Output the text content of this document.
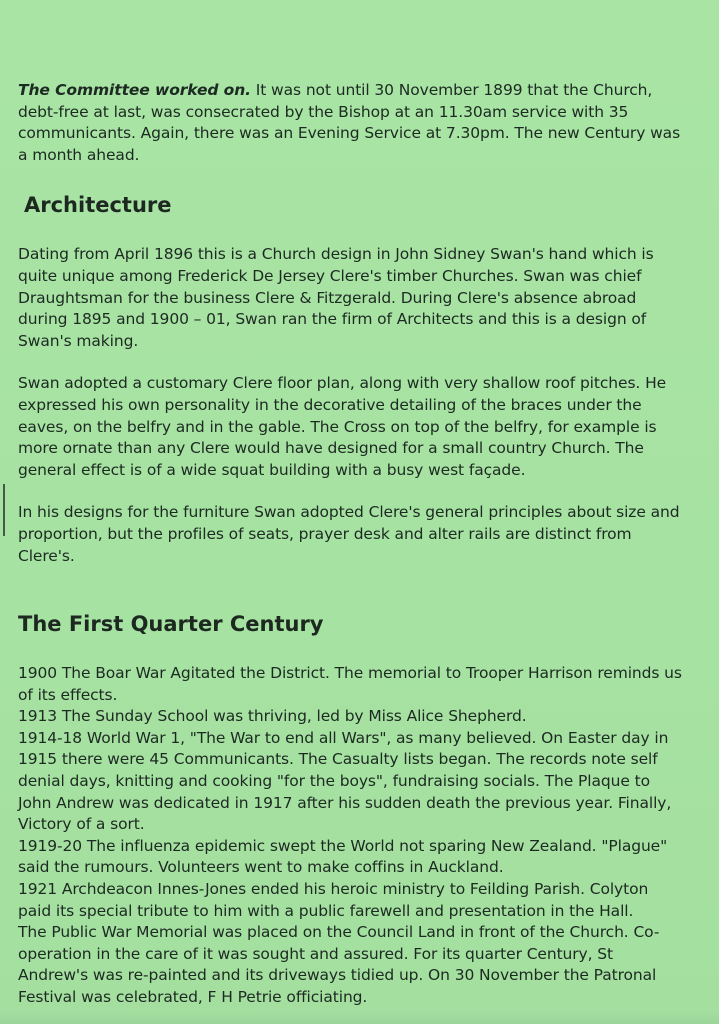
The Committee worked on. It was not until 30 November 1899 that the Church, debt-free at last, was consecrated by the Bishop at an 11.30am service with 35 communicants. Again, there was an Evening Service at 7.30pm. The new Century was a month ahead.

Architecture

Dating from April 1896 this is a Church design in John Sidney Swan's hand which is quite unique among Frederick De Jersey Clere's timber Churches. Swan was chief Draughtsman for the business Clere & Fitzgerald. During Clere's absence abroad during 1895 and 1900 – 01, Swan ran the firm of Architects and this is a design of Swan's making.

Swan adopted a customary Clere floor plan, along with very shallow roof pitches. He expressed his own personality in the decorative detailing of the braces under the eaves, on the belfry and in the gable. The Cross on top of the belfry, for example is more ornate than any Clere would have designed for a small country Church. The general effect is of a wide squat building with a busy west façade.

In his designs for the furniture Swan adopted Clere's general principles about size and proportion, but the profiles of seats, prayer desk and alter rails are distinct from Clere's.

The First Quarter Century

1900 The Boar War Agitated the District. The memorial to Trooper Harrison reminds us of its effects.
1913 The Sunday School was thriving, led by Miss Alice Shepherd.
1914-18 World War 1, "The War to end all Wars", as many believed. On Easter day in 1915 there were 45 Communicants. The Casualty lists began. The records note self denial days, knitting and cooking "for the boys", fundraising socials. The Plaque to John Andrew was dedicated in 1917 after his sudden death the previous year. Finally, Victory of a sort.
1919-20 The influenza epidemic swept the World not sparing New Zealand. "Plague" said the rumours. Volunteers went to make coffins in Auckland.
1921 Archdeacon Innes-Jones ended his heroic ministry to Feilding Parish. Colyton paid its special tribute to him with a public farewell and presentation in the Hall.
The Public War Memorial was placed on the Council Land in front of the Church. Co-operation in the care of it was sought and assured. For its quarter Century, St Andrew's was re-painted and its driveways tidied up. On 30 November the Patronal Festival was celebrated, F H Petrie officiating.
